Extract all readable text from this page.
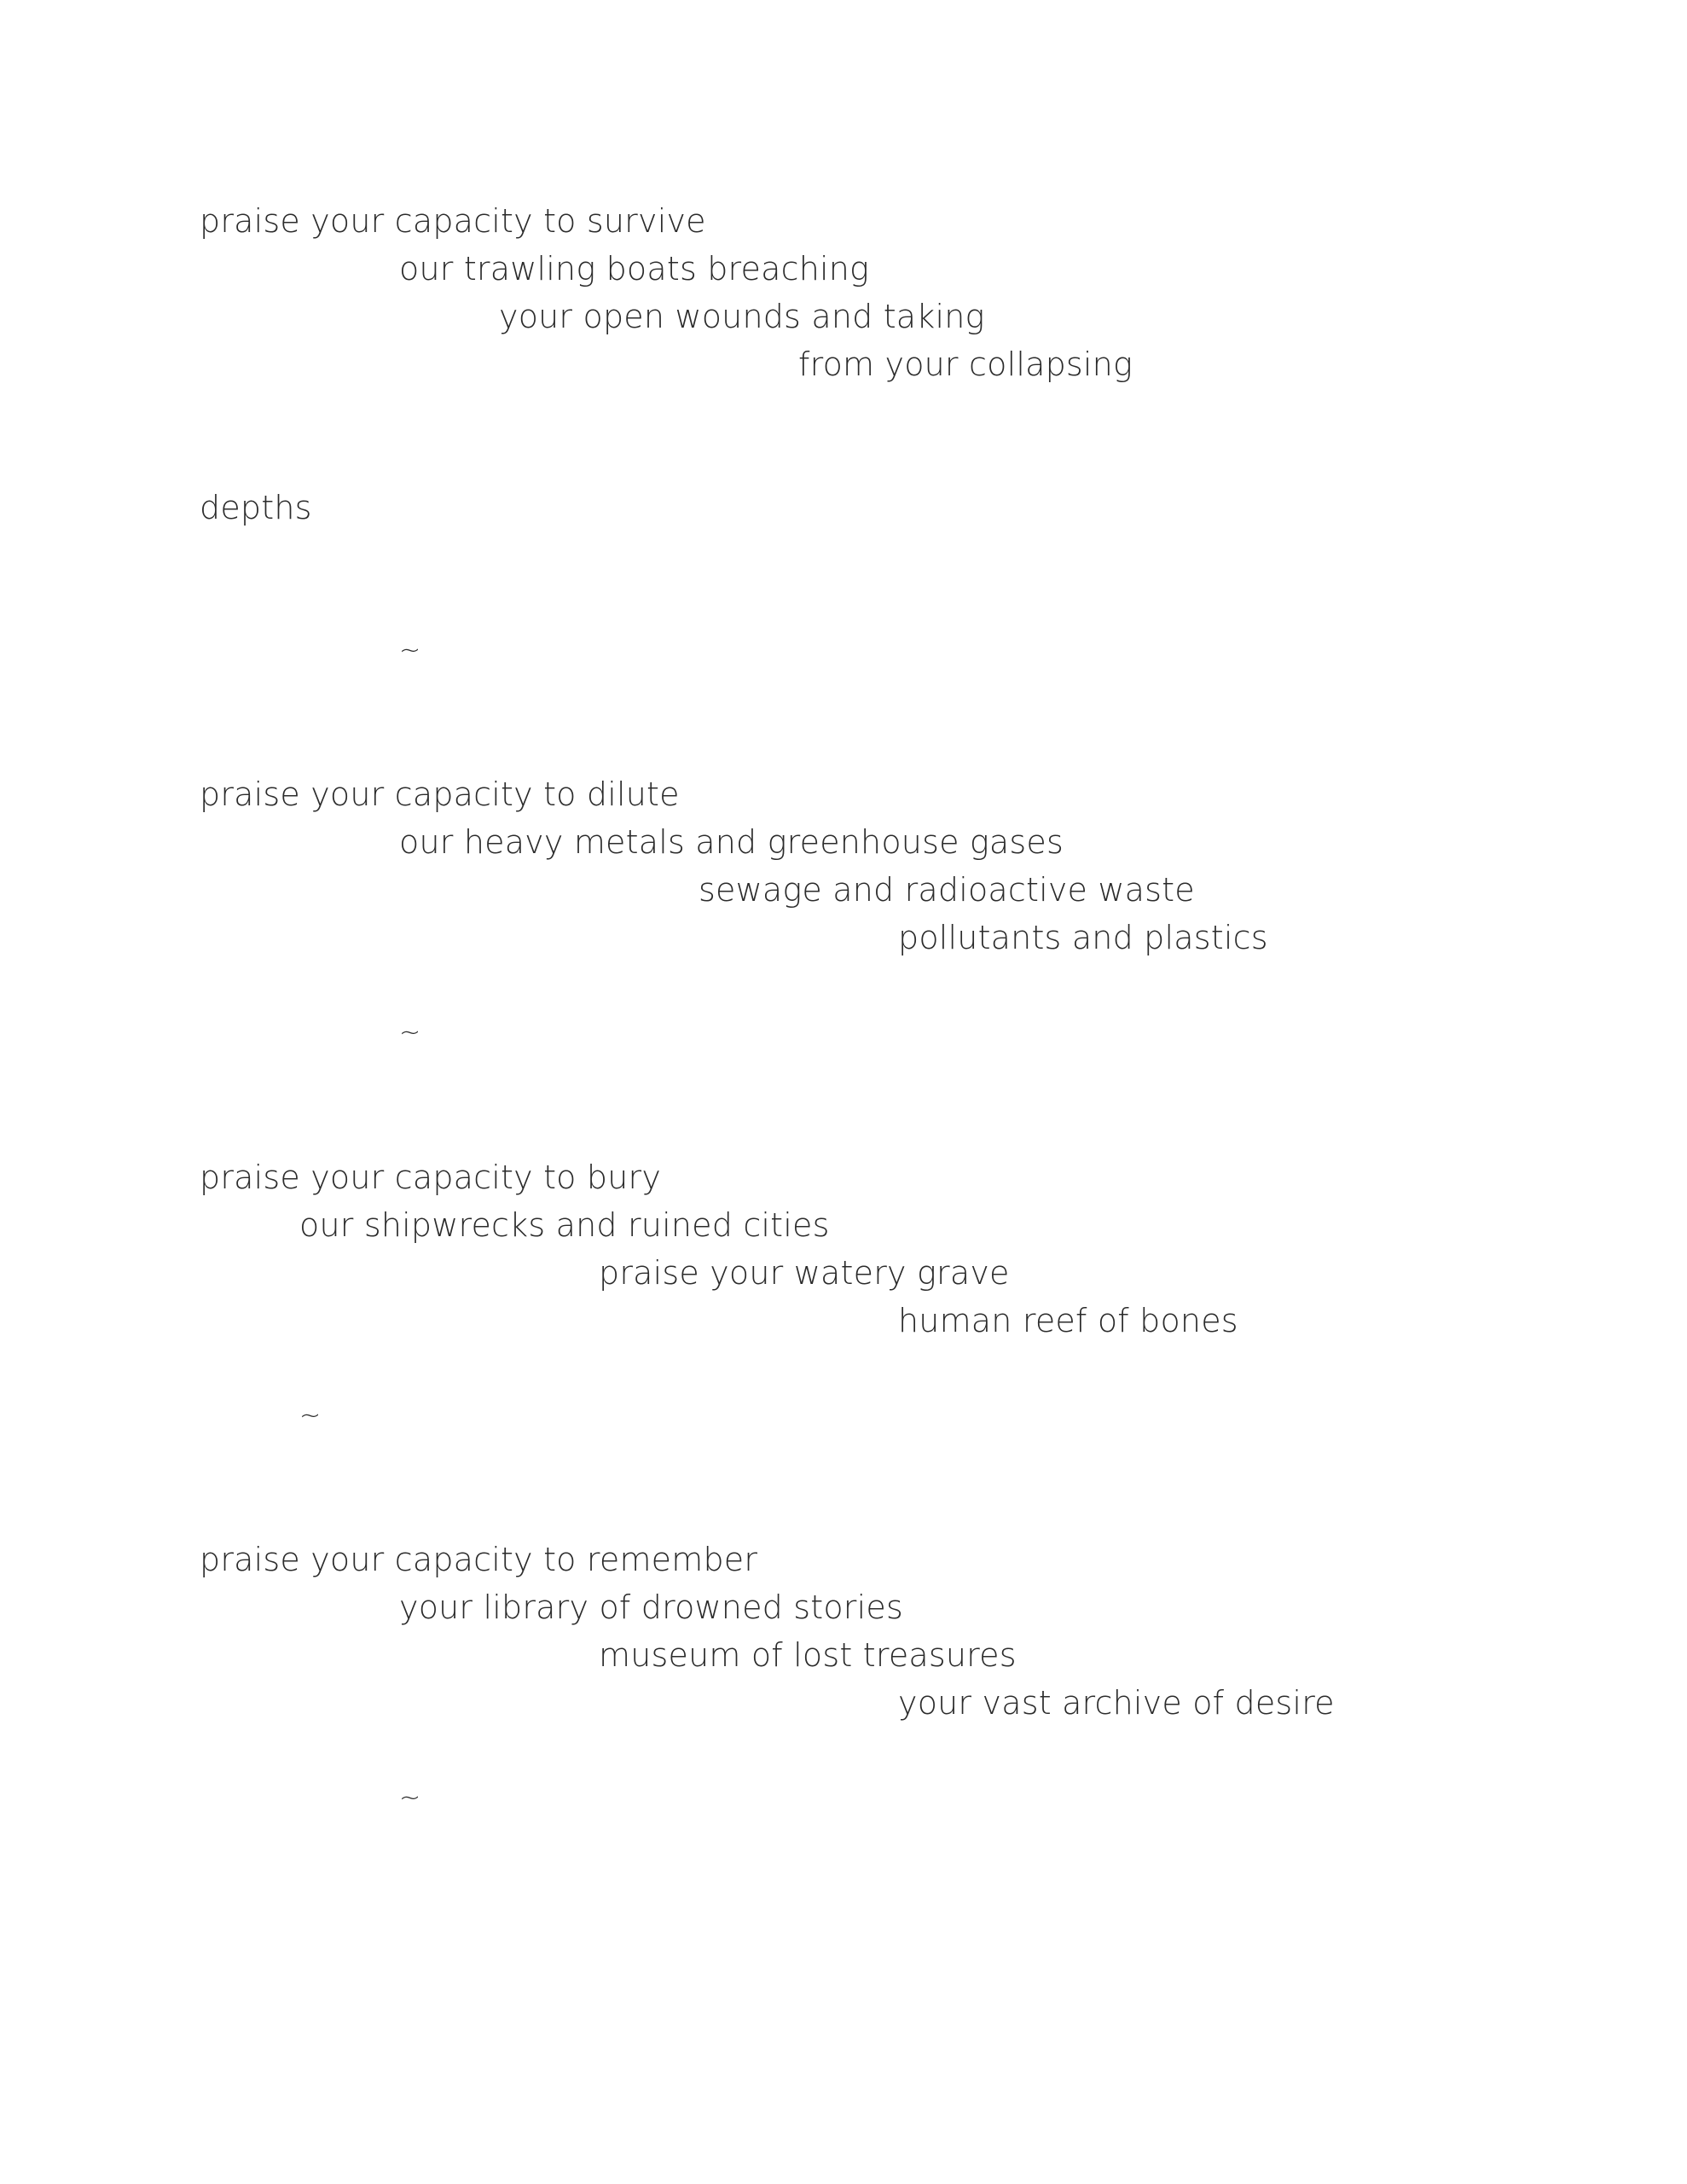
praise your capacity to survive

our trawling boats breaching

your open wounds and taking

from your collapsing

depths

~

praise your capacity to dilute

our heavy metals and greenhouse gases

sewage and radioactive waste

pollutants and plastics

~

praise your capacity to bury

our shipwrecks and ruined cities

praise your watery grave

human reef of bones

~

praise your capacity to remember

your library of drowned stories

museum of lost treasures

your vast archive of desire

~
